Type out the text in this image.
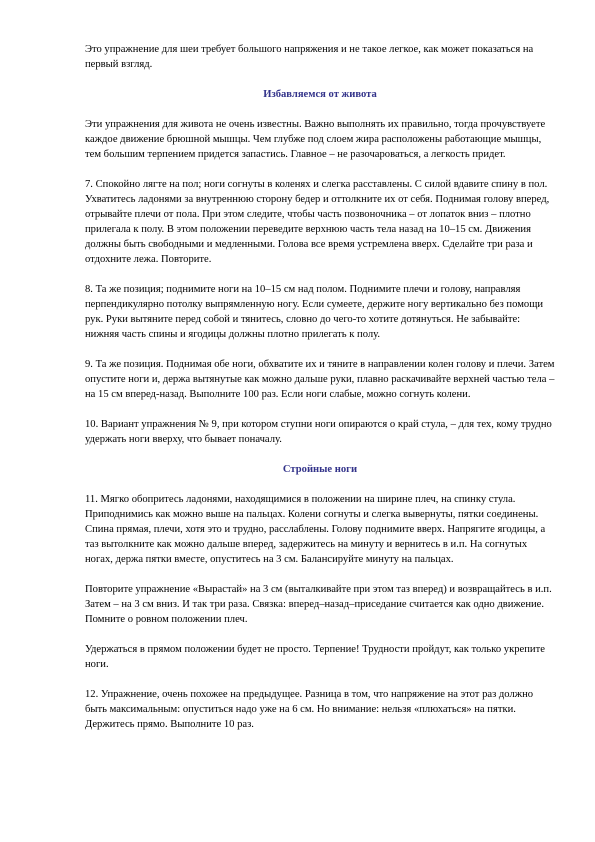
Это упражнение для шеи требует большого напряжения и не такое легкое, как может показаться на первый взгляд.

Избавляемся от живота

Эти упражнения для живота не очень известны. Важно выполнять их правильно, тогда прочувствуете каждое движение брюшной мышцы. Чем глубже под слоем жира расположены работающие мышцы, тем большим терпением придется запастись. Главное – не разочароваться, а легкость придет.

7. Спокойно лягте на пол; ноги согнуты в коленях и слегка расставлены. С силой вдавите спину в пол. Ухватитесь ладонями за внутреннюю сторону бедер и оттолкните их от себя. Поднимая голову вперед, отрывайте плечи от пола. При этом следите, чтобы часть позвоночника – от лопаток вниз – плотно прилегала к полу. В этом положении переведите верхнюю часть тела назад на 10–15 см. Движения должны быть свободными и медленными. Голова все время устремлена вверх. Сделайте три раза и отдохните лежа. Повторите.

8. Та же позиция; поднимите ноги на 10–15 см над полом. Поднимите плечи и голову, направляя перпендикулярно потолку выпрямленную ногу. Если сумеете, держите ногу вертикально без помощи рук. Руки вытяните перед собой и тянитесь, словно до чего-то хотите дотянуться. Не забывайте: нижняя часть спины и ягодицы должны плотно прилегать к полу.

9. Та же позиция. Поднимая обе ноги, обхватите их и тяните в направлении колен голову и плечи. Затем опустите ноги и, держа вытянутые как можно дальше руки, плавно раскачивайте верхней частью тела – на 15 см вперед-назад. Выполните 100 раз. Если ноги слабые, можно согнуть колени.

10. Вариант упражнения № 9, при котором ступни ноги опираются о край стула, – для тех, кому трудно удержать ноги вверху, что бывает поначалу.

Стройные ноги

11. Мягко обопритесь ладонями, находящимися в положении на ширине плеч, на спинку стула. Приподнимись как можно выше на пальцах. Колени согнуты и слегка вывернуты, пятки соединены. Спина прямая, плечи, хотя это и трудно, расслаблены. Голову поднимите вверх. Напрягите ягодицы, а таз вытолкните как можно дальше вперед, задержитесь на минуту и вернитесь в и.п. На согнутых ногах, держа пятки вместе, опуститесь на 3 см. Балансируйте минуту на пальцах.

Повторите упражнение «Вырастай» на 3 см (выталкивайте при этом таз вперед) и возвращайтесь в и.п. Затем – на 3 см вниз. И так три раза. Связка: вперед–назад–приседание считается как одно движение. Помните о ровном положении плеч.

Удержаться в прямом положении будет не просто. Терпение! Трудности пройдут, как только укрепите ноги.

12. Упражнение, очень похожее на предыдущее. Разница в том, что напряжение на этот раз должно быть максимальным: опуститься надо уже на 6 см. Но внимание: нельзя «плюхаться» на пятки. Держитесь прямо. Выполните 10 раз.
